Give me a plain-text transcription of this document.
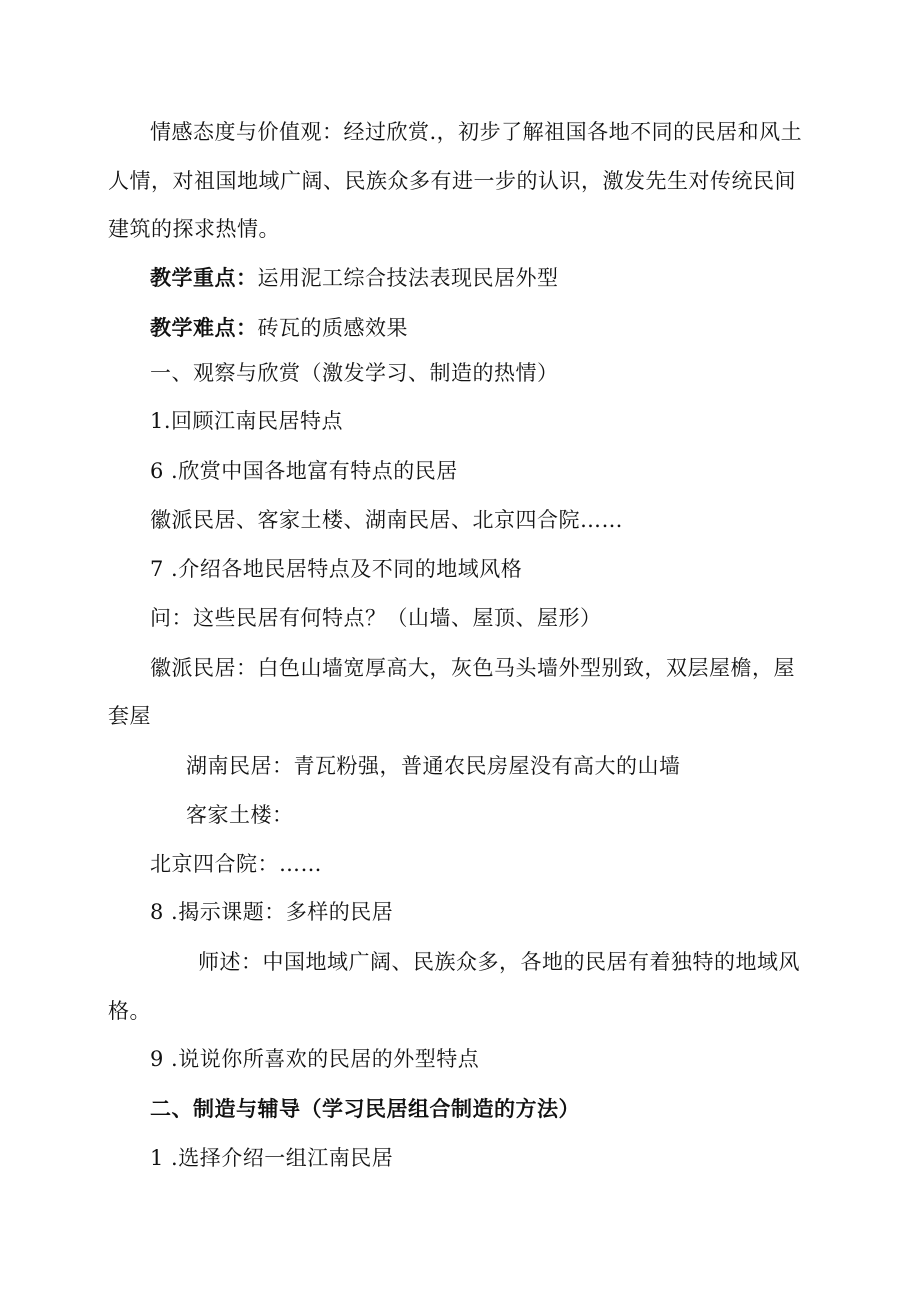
情感态度与价值观：经过欣赏.，初步了解祖国各地不同的民居和风土
人情，对祖国地域广阔、民族众多有进一步的认识，激发先生对传统民间
建筑的探求热情。
教学重点：运用泥工综合技法表现民居外型
教学难点：砖瓦的质感效果
一、观察与欣赏（激发学习、制造的热情）
1.回顾江南民居特点
6 .欣赏中国各地富有特点的民居
徽派民居、客家土楼、湖南民居、北京四合院……
7 .介绍各地民居特点及不同的地域风格
问：这些民居有何特点？（山墙、屋顶、屋形）
徽派民居：白色山墙宽厚高大，灰色马头墙外型别致，双层屋檐，屋
套屋
湖南民居：青瓦粉强，普通农民房屋没有高大的山墙
客家土楼：
北京四合院：……
8 .揭示课题：多样的民居
师述：中国地域广阔、民族众多，各地的民居有着独特的地域风
格。
9 .说说你所喜欢的民居的外型特点
二、制造与辅导（学习民居组合制造的方法）
1 .选择介绍一组江南民居
